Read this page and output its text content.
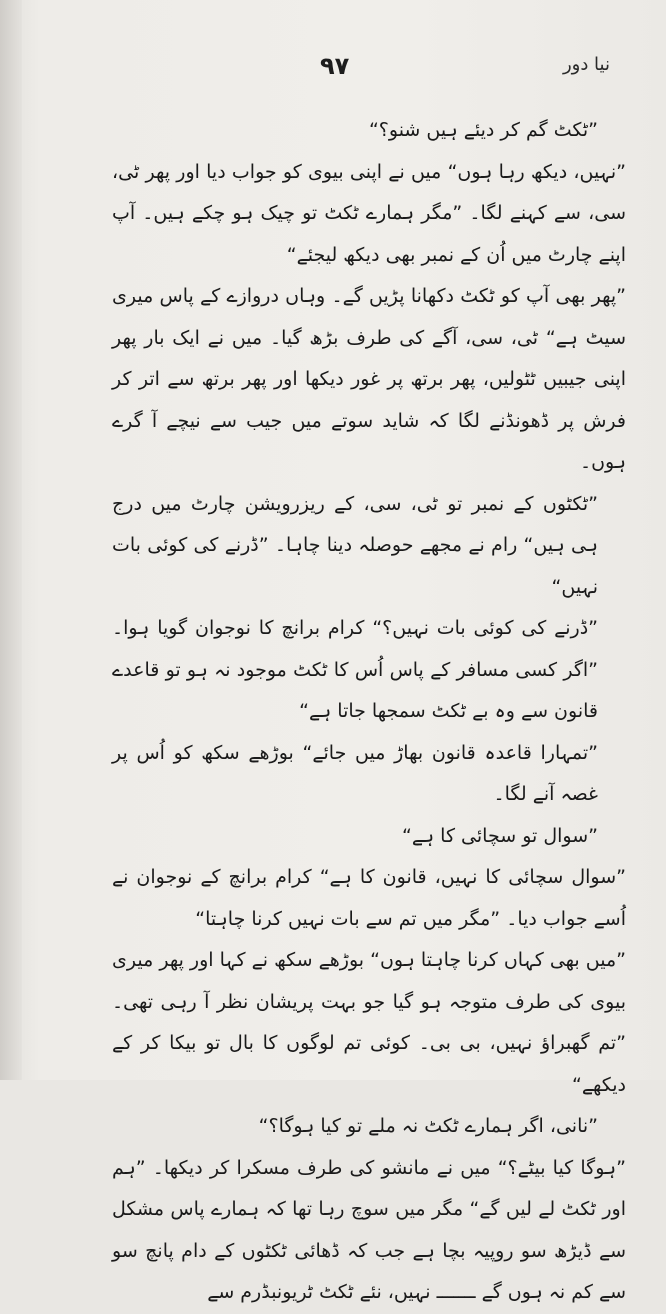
۹۷	نیا دور

”ٹکٹ گم کر دیئے ہیں شنو؟“

”نہیں، دیکھ رہا ہوں“ میں نے اپنی بیوی کو جواب دیا اور پھر ٹی، سی، سے کہنے لگا۔ ”مگر ہمارے ٹکٹ تو چیک ہو چکے ہیں۔ آپ اپنے چارٹ میں اُن کے نمبر بھی دیکھ لیجئے“

”پھر بھی آپ کو ٹکٹ دکھانا پڑیں گے۔ وہاں دروازے کے پاس میری سیٹ ہے“ ٹی، سی، آگے کی طرف بڑھ گیا۔ میں نے ایک بار پھر اپنی جیبیں ٹٹولیں، پھر برتھ پر غور دیکھا اور پھر برتھ سے اتر کر فرش پر ڈھونڈنے لگا کہ شاید سوتے میں جیب سے نیچے آ گرے ہوں۔

”ٹکٹوں کے نمبر تو ٹی، سی، کے ریزرویشن چارٹ میں درج ہی ہیں“ رام نے مجھے حوصلہ دینا چاہا۔ ”ڈرنے کی کوئی بات نہیں“

”ڈرنے کی کوئی بات نہیں؟“ کرام برانچ کا نوجوان گویا ہوا۔ ”اگر کسی مسافر کے پاس اُس کا ٹکٹ موجود نہ ہو تو قاعدے قانون سے وہ بے ٹکٹ سمجھا جاتا ہے“

”تمہارا قاعدہ قانون بھاڑ میں جائے“ بوڑھے سکھ کو اُس پر غصہ آنے لگا۔

”سوال تو سچائی کا ہے“

”سوال سچائی کا نہیں، قانون کا ہے“ کرام برانچ کے نوجوان نے اُسے جواب دیا۔ ”مگر میں تم سے بات نہیں کرنا چاہتا“

”میں بھی کہاں کرنا چاہتا ہوں“ بوڑھے سکھ نے کہا اور پھر میری بیوی کی طرف متوجہ ہو گیا جو بہت پریشان نظر آ رہی تھی۔ ”تم گھبراؤ نہیں، بی بی۔ کوئی تم لوگوں کا بال تو بیکا کر کے دیکھے“

”نانی، اگر ہمارے ٹکٹ نہ ملے تو کیا ہوگا؟“

”ہوگا کیا بیٹے؟“ میں نے مانشو کی طرف مسکرا کر دیکھا۔ ”ہم اور ٹکٹ لے لیں گے“ مگر میں سوچ رہا تھا کہ ہمارے پاس مشکل سے ڈیڑھ سو روپیہ بچا ہے جب کہ ڈھائی ٹکٹوں کے دام پانچ سو سے کم نہ ہوں گے ـــــــ نہیں، نئے ٹکٹ ٹریونبڈرم سے
